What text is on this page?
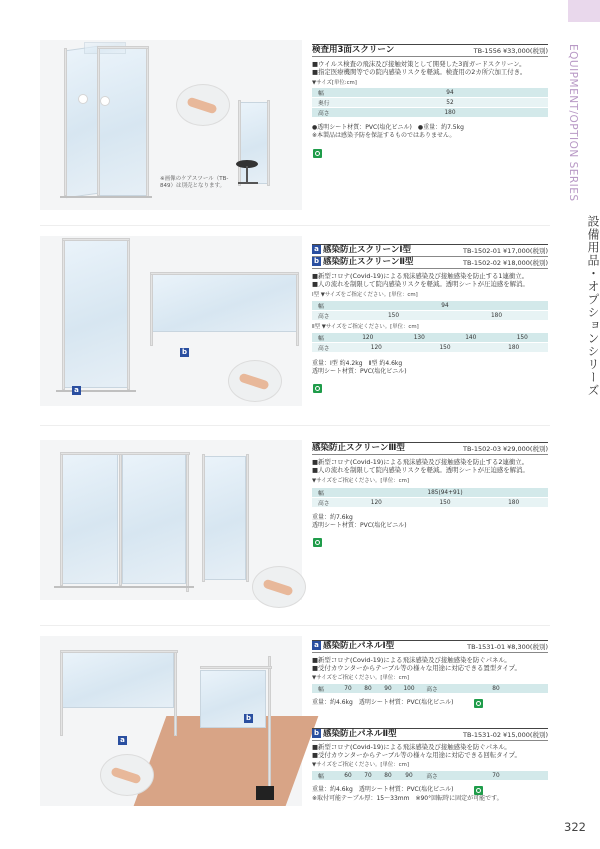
EQUIPMENT/OPTION SERIES
設備用品・オプションシリーズ
322
※画像のケアスツール（TB-849）は別売となります。
検査用3面スクリーン	TB-1556 ¥33,000(税別)
■ウイルス検査の飛沫及び接触対策として開発した3面ガードスクリーン。
■指定医療機関等での院内感染リスクを軽減。検査用の2カ所穴加工付き。
▼サイズ[単位:cm]
幅	94
奥行	52
高さ	180
●透明シート材質：PVC(塩化ビニル)　●重量：約7.5kg
※本製品は感染予防を保証するものではありません。
a
b
a 感染防止スクリーンⅠ型	TB-1502-01 ¥17,000(税別)
b 感染防止スクリーンⅡ型	TB-1502-02 ¥18,000(税別)
■新型コロナ(Covid-19)による飛沫感染及び接触感染を防止する1連衝立。
■人の流れを制限して院内感染リスクを軽減。透明シートが圧迫感を解消。
Ⅰ型 ▼サイズをご指定ください。[単位：cm]
幅	94	
高さ	150	180
Ⅱ型 ▼サイズをご指定ください。[単位：cm]
幅	120	130	140	150
高さ	120 150 180			
重量：Ⅰ型 約4.2kg　Ⅱ型 約4.6kg
透明シート材質：PVC(塩化ビニル)
感染防止スクリーンⅢ型	TB-1502-03 ¥29,000(税別)
■新型コロナ(Covid-19)による飛沫感染及び接触感染を防止する2連衝立。
■人の流れを制限して院内感染リスクを軽減。透明シートが圧迫感を解消。
▼サイズをご指定ください。[単位：cm]
幅	185(94+91)		
高さ	120	150	180
重量：約7.6kg
透明シート材質：PVC(塩化ビニル)
a
b
a 感染防止パネルⅠ型	TB-1531-01 ¥8,300(税別)
■新型コロナ(Covid-19)による飛沫感染及び接触感染を防ぐパネル。
■受付カウンターからテーブル等の様々な用途に対応できる置型タイプ。
▼サイズをご指定ください。[単位：cm]
幅	70	80	90	100	高さ	80
重量：約4.6kg　透明シート材質：PVC(塩化ビニル)
b 感染防止パネルⅡ型	TB-1531-02 ¥15,000(税別)
■新型コロナ(Covid-19)による飛沫感染及び接触感染を防ぐパネル。
■受付カウンターからテーブル等の様々な用途に対応できる回転タイプ。
▼サイズをご指定ください。[単位：cm]
幅	60	70	80	90	高さ	70
重量：約4.6kg　透明シート材質：PVC(塩化ビニル)
※取付可能テーブル厚：15～33mm　※90°回転時に固定が可能です。
